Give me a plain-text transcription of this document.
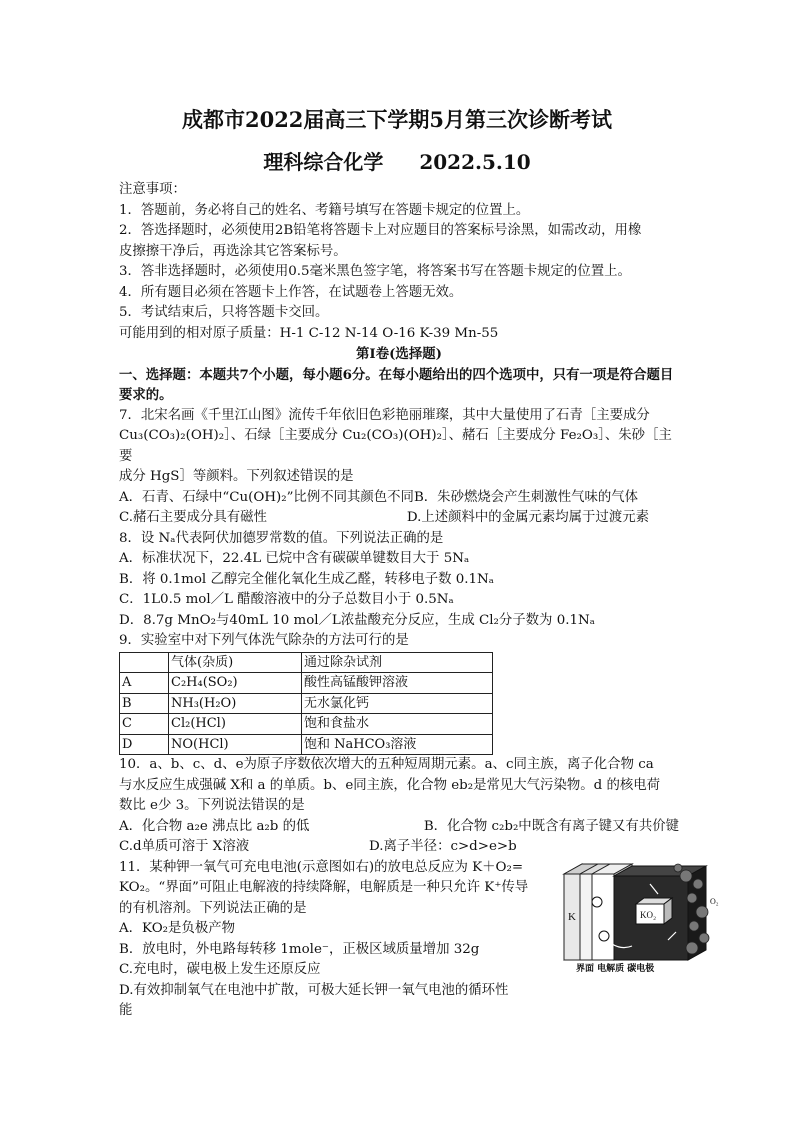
成都市2022届高三下学期5月第三次诊断考试
理科综合化学 2022.5.10

注意事项：

1．答题前，务必将自己的姓名、考籍号填写在答题卡规定的位置上。

2．答选择题时，必须使用2B铅笔将答题卡上对应题目的答案标号涂黑，如需改动，用橡

皮擦擦干净后，再选涂其它答案标号。

3．答非选择题时，必须使用0.5毫米黑色签字笔，将答案书写在答题卡规定的位置上。

4．所有题目必须在答题卡上作答，在试题卷上答题无效。

5．考试结束后，只将答题卡交回。

可能用到的相对原子质量：H-1 C-12 N-14 O-16 K-39 Mn-55

第Ⅰ卷(选择题)

一、选择题：本题共7个小题，每小题6分。在每小题给出的四个选项中，只有一项是符合题目要求的。

7．北宋名画《千里江山图》流传千年依旧色彩艳丽璀璨，其中大量使用了石青［主要成分

Cu₃(CO₃)₂(OH)₂］、石绿［主要成分 Cu₂(CO₃)(OH)₂］、赭石［主要成分 Fe₂O₃］、朱砂［主要

成分 HgS］等颜料。下列叙述错误的是

A．石青、石绿中“Cu(OH)₂”比例不同其颜色不同B．朱砂燃烧会产生刺激性气味的气体

C.赭石主要成分具有磁性	D.上述颜料中的金属元素均属于过渡元素

8．设 Nₐ代表阿伏加德罗常数的值。下列说法正确的是

A．标准状况下，22.4L 已烷中含有碳碳单键数目大于 5Nₐ

B．将 0.1mol 乙醇完全催化氧化生成乙醛，转移电子数 0.1Nₐ

C．1L0.5 mol／L 醋酸溶液中的分子总数目小于 0.5Nₐ

D．8.7g MnO₂与40mL 10 mol／L浓盐酸充分反应，生成 Cl₂分子数为 0.1Nₐ

9．实验室中对下列气体洗气除杂的方法可行的是

	气体(杂质)	通过除杂试剂
A	C₂H₄(SO₂)	酸性高锰酸钾溶液
B	NH₃(H₂O)	无水氯化钙
C	Cl₂(HCl)	饱和食盐水
D	NO(HCl)	饱和 NaHCO₃溶液

10．a、b、c、d、e为原子序数依次增大的五种短周期元素。a、c同主族，离子化合物 ca

与水反应生成强碱 X和 a 的单质。b、e同主族，化合物 eb₂是常见大气污染物。d 的核电荷

数比 e少 3。下列说法错误的是

A．化合物 a₂e 沸点比 a₂b 的低	B．化合物 c₂b₂中既含有离子键又有共价键

C.d单质可溶于 X溶液	D.离子半径：c>d>e>b

11．某种钾一氧气可充电电池(示意图如右)的放电总反应为 K＋O₂=

KO₂。“界面”可阻止电解液的持续降解，电解质是一种只允许 K⁺传导

的有机溶剂。下列说法正确的是

A．KO₂是负极产物

B．放电时，外电路每转移 1mole⁻，正极区域质量增加 32g

C.充电时，碳电极上发生还原反应

D.有效抑制氧气在电池中扩散，可极大延长钾一氧气电池的循环性

能

K	KO₂
O₂
界面 电解质 碳电极
